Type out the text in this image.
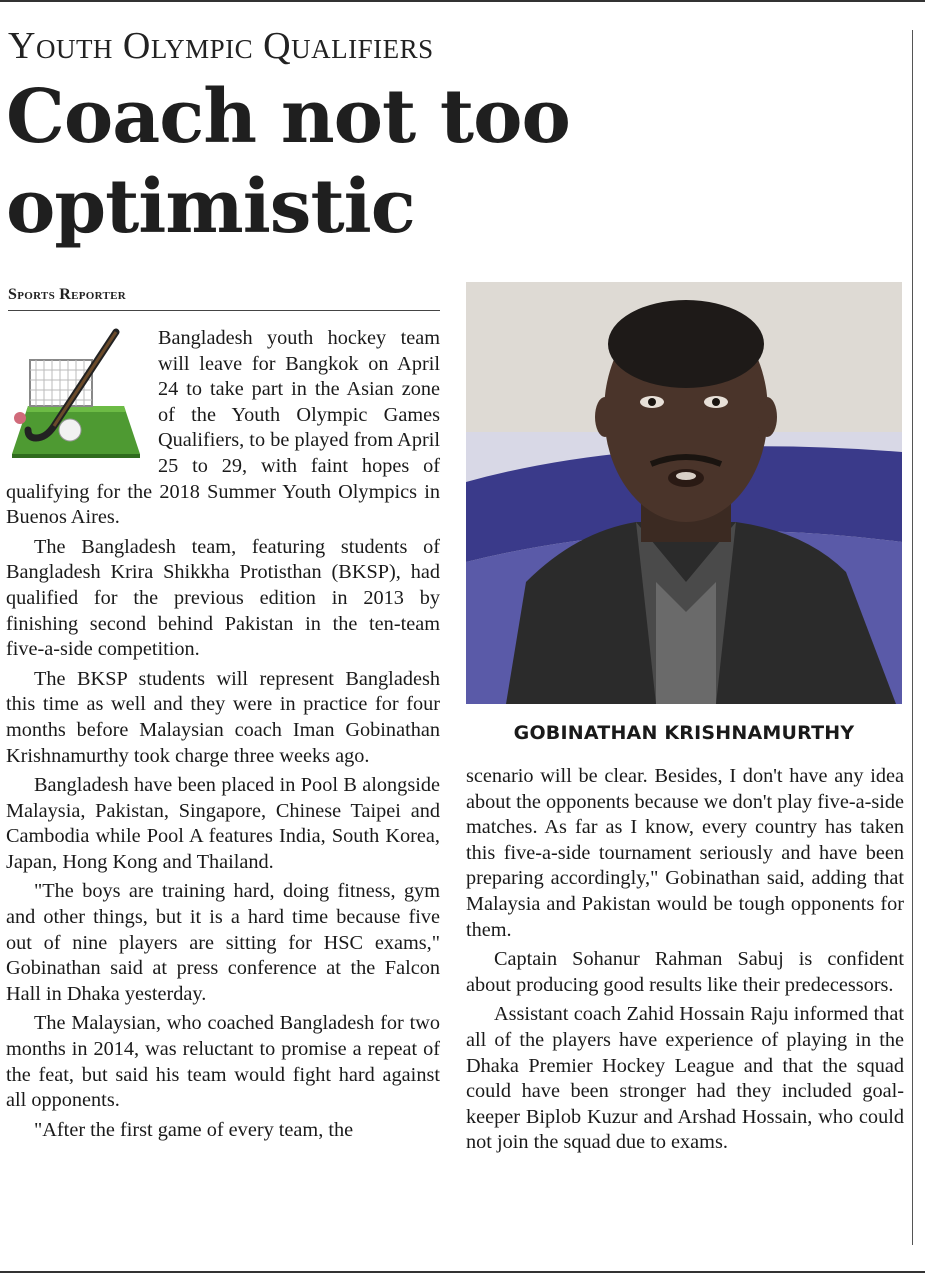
Youth Olympic Qualifiers
Coach not too optimistic
Sports Reporter

Bangladesh youth hockey team will leave for Bangkok on April 24 to take part in the Asian zone of the Youth Olympic Games Qualifiers, to be played from April 25 to 29, with faint hopes of qualifying for the 2018 Summer Youth Olympics in Buenos Aires.

The Bangladesh team, featuring students of Bangladesh Krira Shikkha Protisthan (BKSP), had qualified for the previous edition in 2013 by finishing second behind Pakistan in the ten-team five-a-side competition.

The BKSP students will represent Bangladesh this time as well and they were in practice for four months before Malaysian coach Iman Gobinathan Krishnamurthy took charge three weeks ago.

Bangladesh have been placed in Pool B alongside Malaysia, Pakistan, Singapore, Chinese Taipei and Cambodia while Pool A features India, South Korea, Japan, Hong Kong and Thailand.

"The boys are training hard, doing fitness, gym and other things, but it is a hard time because five out of nine players are sitting for HSC exams," Gobinathan said at press conference at the Falcon Hall in Dhaka yesterday.

The Malaysian, who coached Bangladesh for two months in 2014, was reluctant to promise a repeat of the feat, but said his team would fight hard against all opponents.

"After the first game of every team, the

GOBINATHAN KRISHNAMURTHY

scenario will be clear. Besides, I don't have any idea about the opponents because we don't play five-a-side matches. As far as I know, every country has taken this five-a-side tournament seriously and have been preparing accordingly," Gobinathan said, adding that Malaysia and Pakistan would be tough opponents for them.

Captain Sohanur Rahman Sabuj is confident about producing good results like their predecessors.

Assistant coach Zahid Hossain Raju informed that all of the players have experience of playing in the Dhaka Premier Hockey League and that the squad could have been stronger had they included goal-keeper Biplob Kuzur and Arshad Hossain, who could not join the squad due to exams.
